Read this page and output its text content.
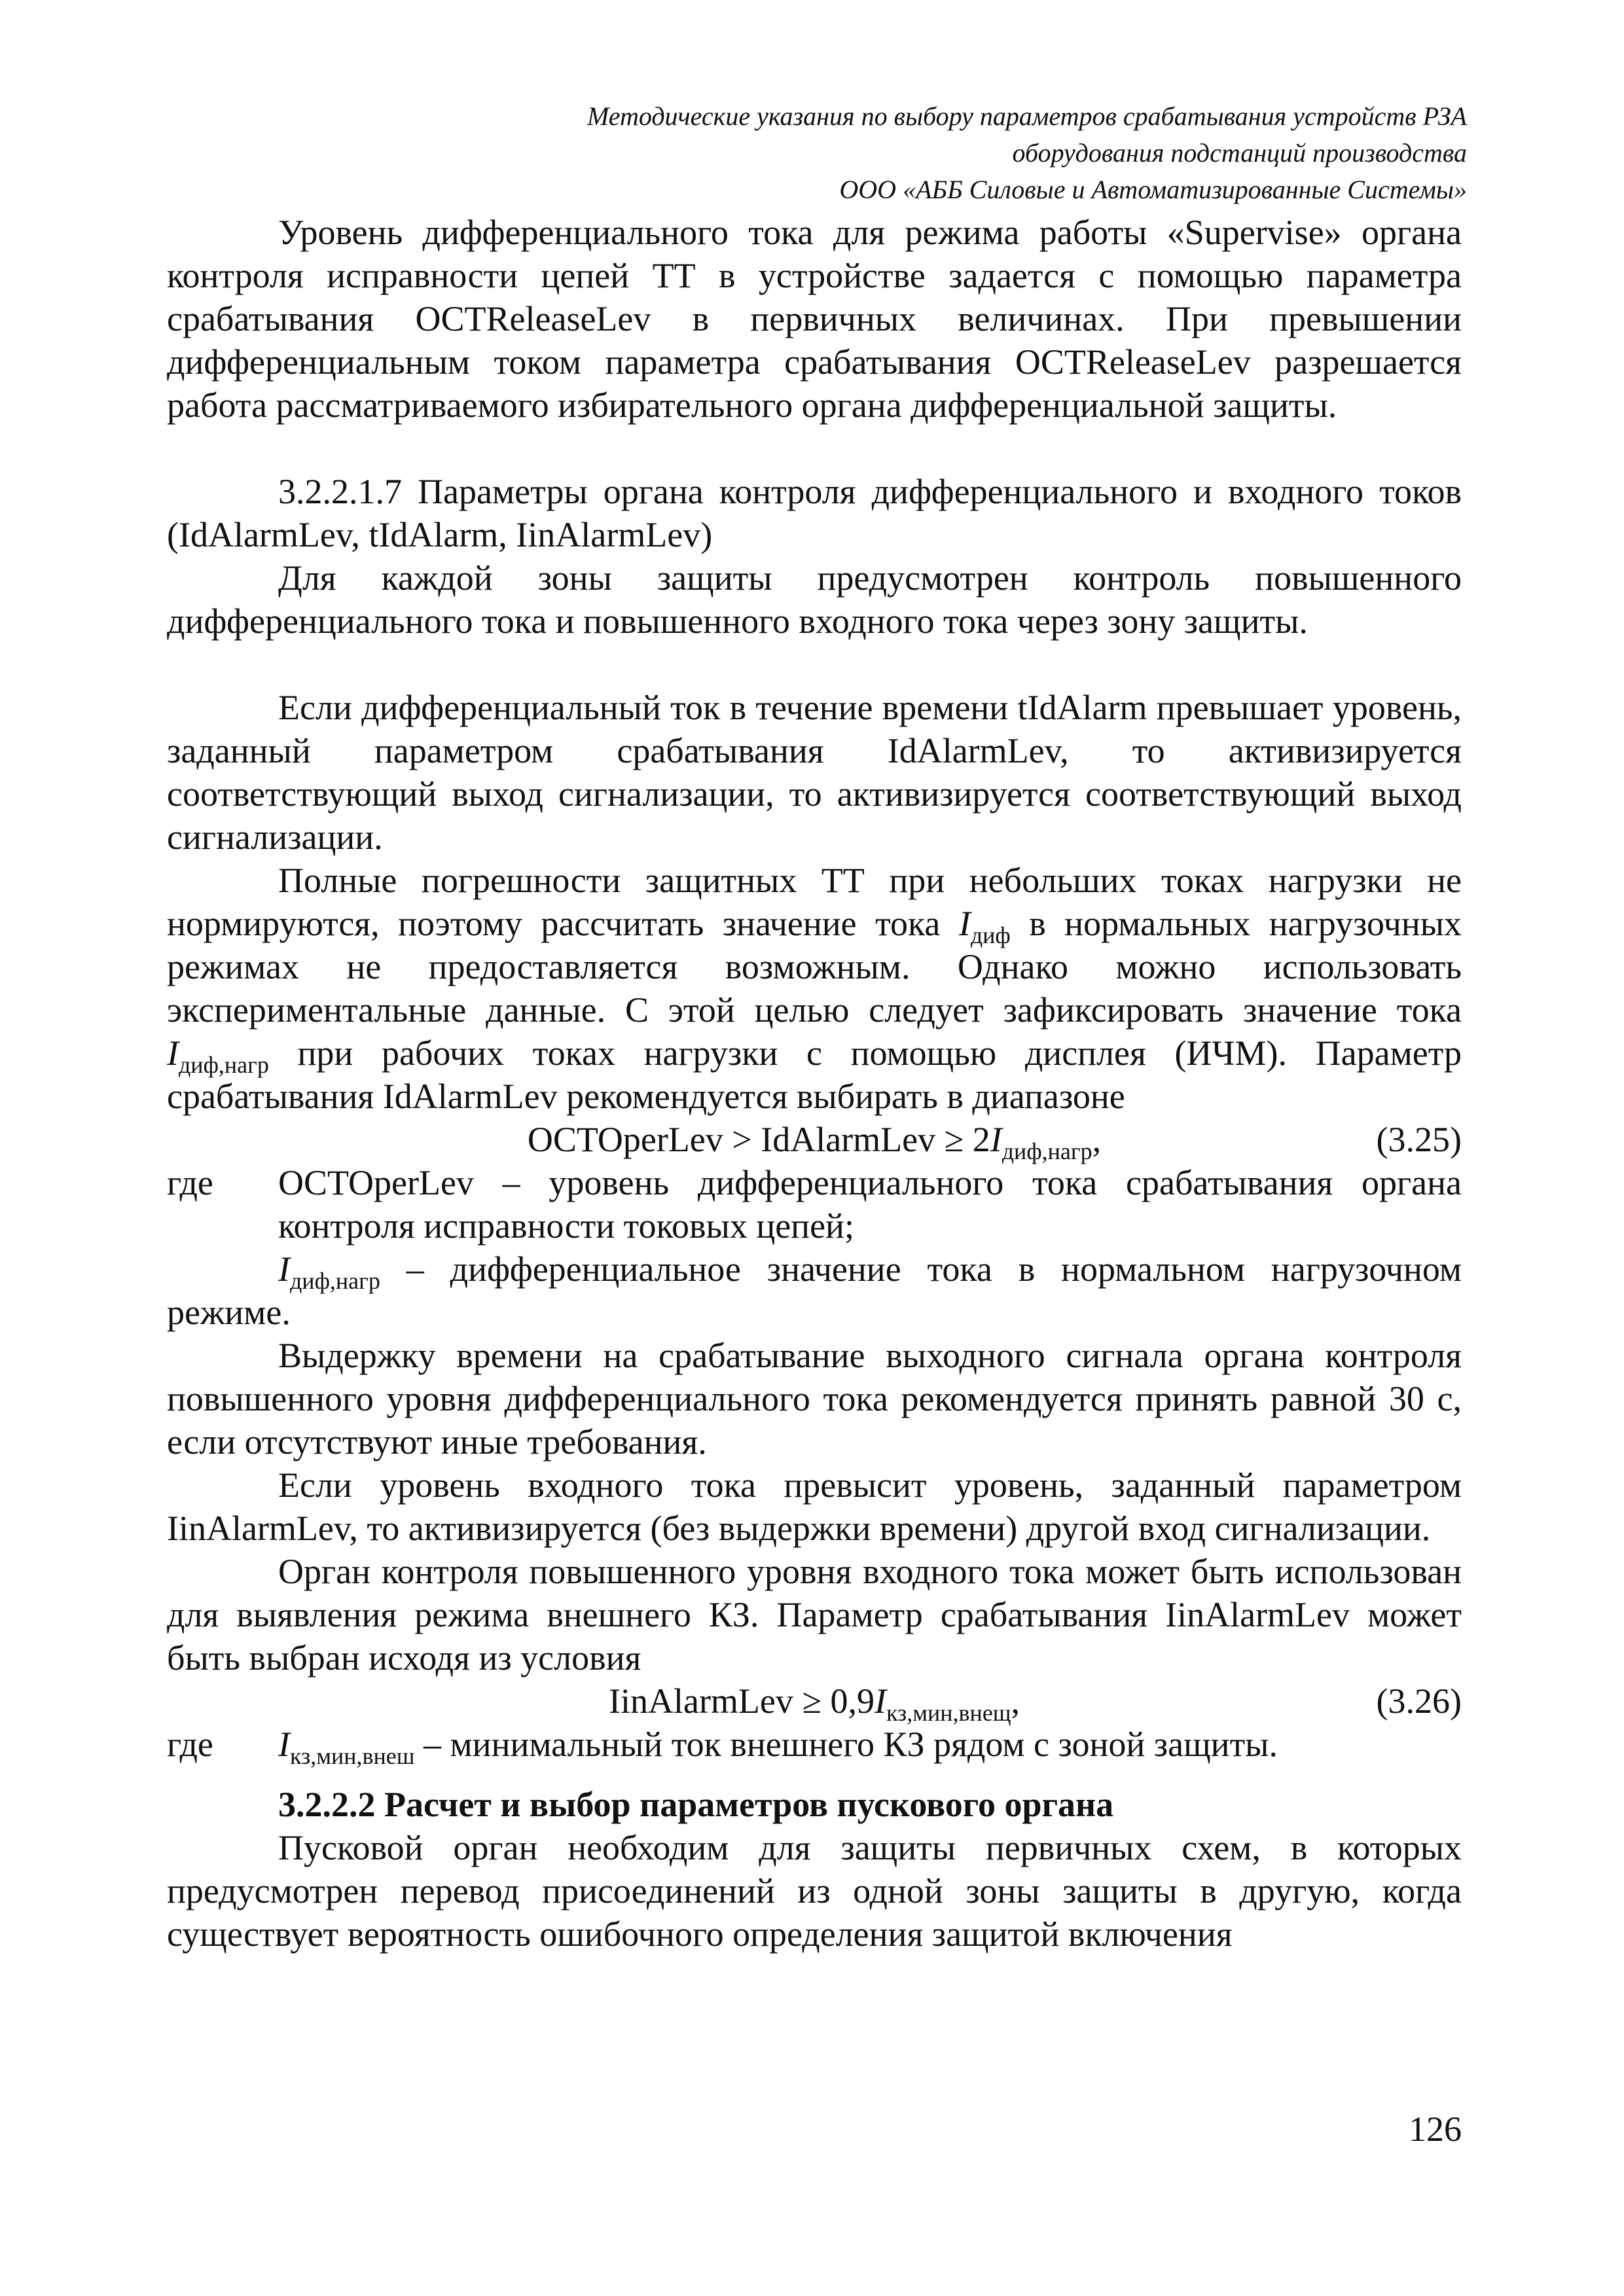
Методические указания по выбору параметров срабатывания устройств РЗА
оборудования подстанций производства
ООО «АББ Силовые и Автоматизированные Системы»

Уровень дифференциального тока для режима работы «Supervise» органа контроля исправности цепей ТТ в устройстве задается с помощью параметра срабатывания OCTReleaseLev в первичных величинах. При превышении дифференциальным током параметра срабатывания OCTReleaseLev разрешается работа рассматриваемого избирательного органа дифференциальной защиты.

3.2.2.1.7 Параметры органа контроля дифференциального и входного токов (IdAlarmLev, tIdAlarm, IinAlarmLev)

Для каждой зоны защиты предусмотрен контроль повышенного дифференциального тока и повышенного входного тока через зону защиты.

Если дифференциальный ток в течение времени tIdAlarm превышает уровень, заданный параметром срабатывания IdAlarmLev, то активизируется соответствующий выход сигнализации, то активизируется соответствующий выход сигнализации.

Полные погрешности защитных ТТ при небольших токах нагрузки не нормируются, поэтому рассчитать значение тока $I_{диф}$ в нормальных нагрузочных режимах не предоставляется возможным. Однако можно использовать экспериментальные данные. С этой целью следует зафиксировать значение тока $I_{диф,нагр}$ при рабочих токах нагрузки с помощью дисплея (ИЧМ). Параметр срабатывания IdAlarmLev рекомендуется выбирать в диапазоне

OCTOperLev > IdAlarmLev ≥ $2I_{диф,нагр}$,	(3.25)
где	OCTOperLev – уровень дифференциального тока срабатывания органа контроля исправности токовых цепей;

$I_{диф,нагр}$ – дифференциальное значение тока в нормальном нагрузочном режиме.

Выдержку времени на срабатывание выходного сигнала органа контроля повышенного уровня дифференциального тока рекомендуется принять равной 30 с, если отсутствуют иные требования.

Если уровень входного тока превысит уровень, заданный параметром IinAlarmLev, то активизируется (без выдержки времени) другой вход сигнализации.

Орган контроля повышенного уровня входного тока может быть использован для выявления режима внешнего КЗ. Параметр срабатывания IinAlarmLev может быть выбран исходя из условия

IinAlarmLev ≥ $0,9I_{кз,мин,внещ}$,	(3.26)
где	$I_{кз,мин,внеш}$ – минимальный ток внешнего КЗ рядом с зоной защиты.

3.2.2.2 Расчет и выбор параметров пускового органа

Пусковой орган необходим для защиты первичных схем, в которых предусмотрен перевод присоединений из одной зоны защиты в другую, когда существует вероятность ошибочного определения защитой включения

126
